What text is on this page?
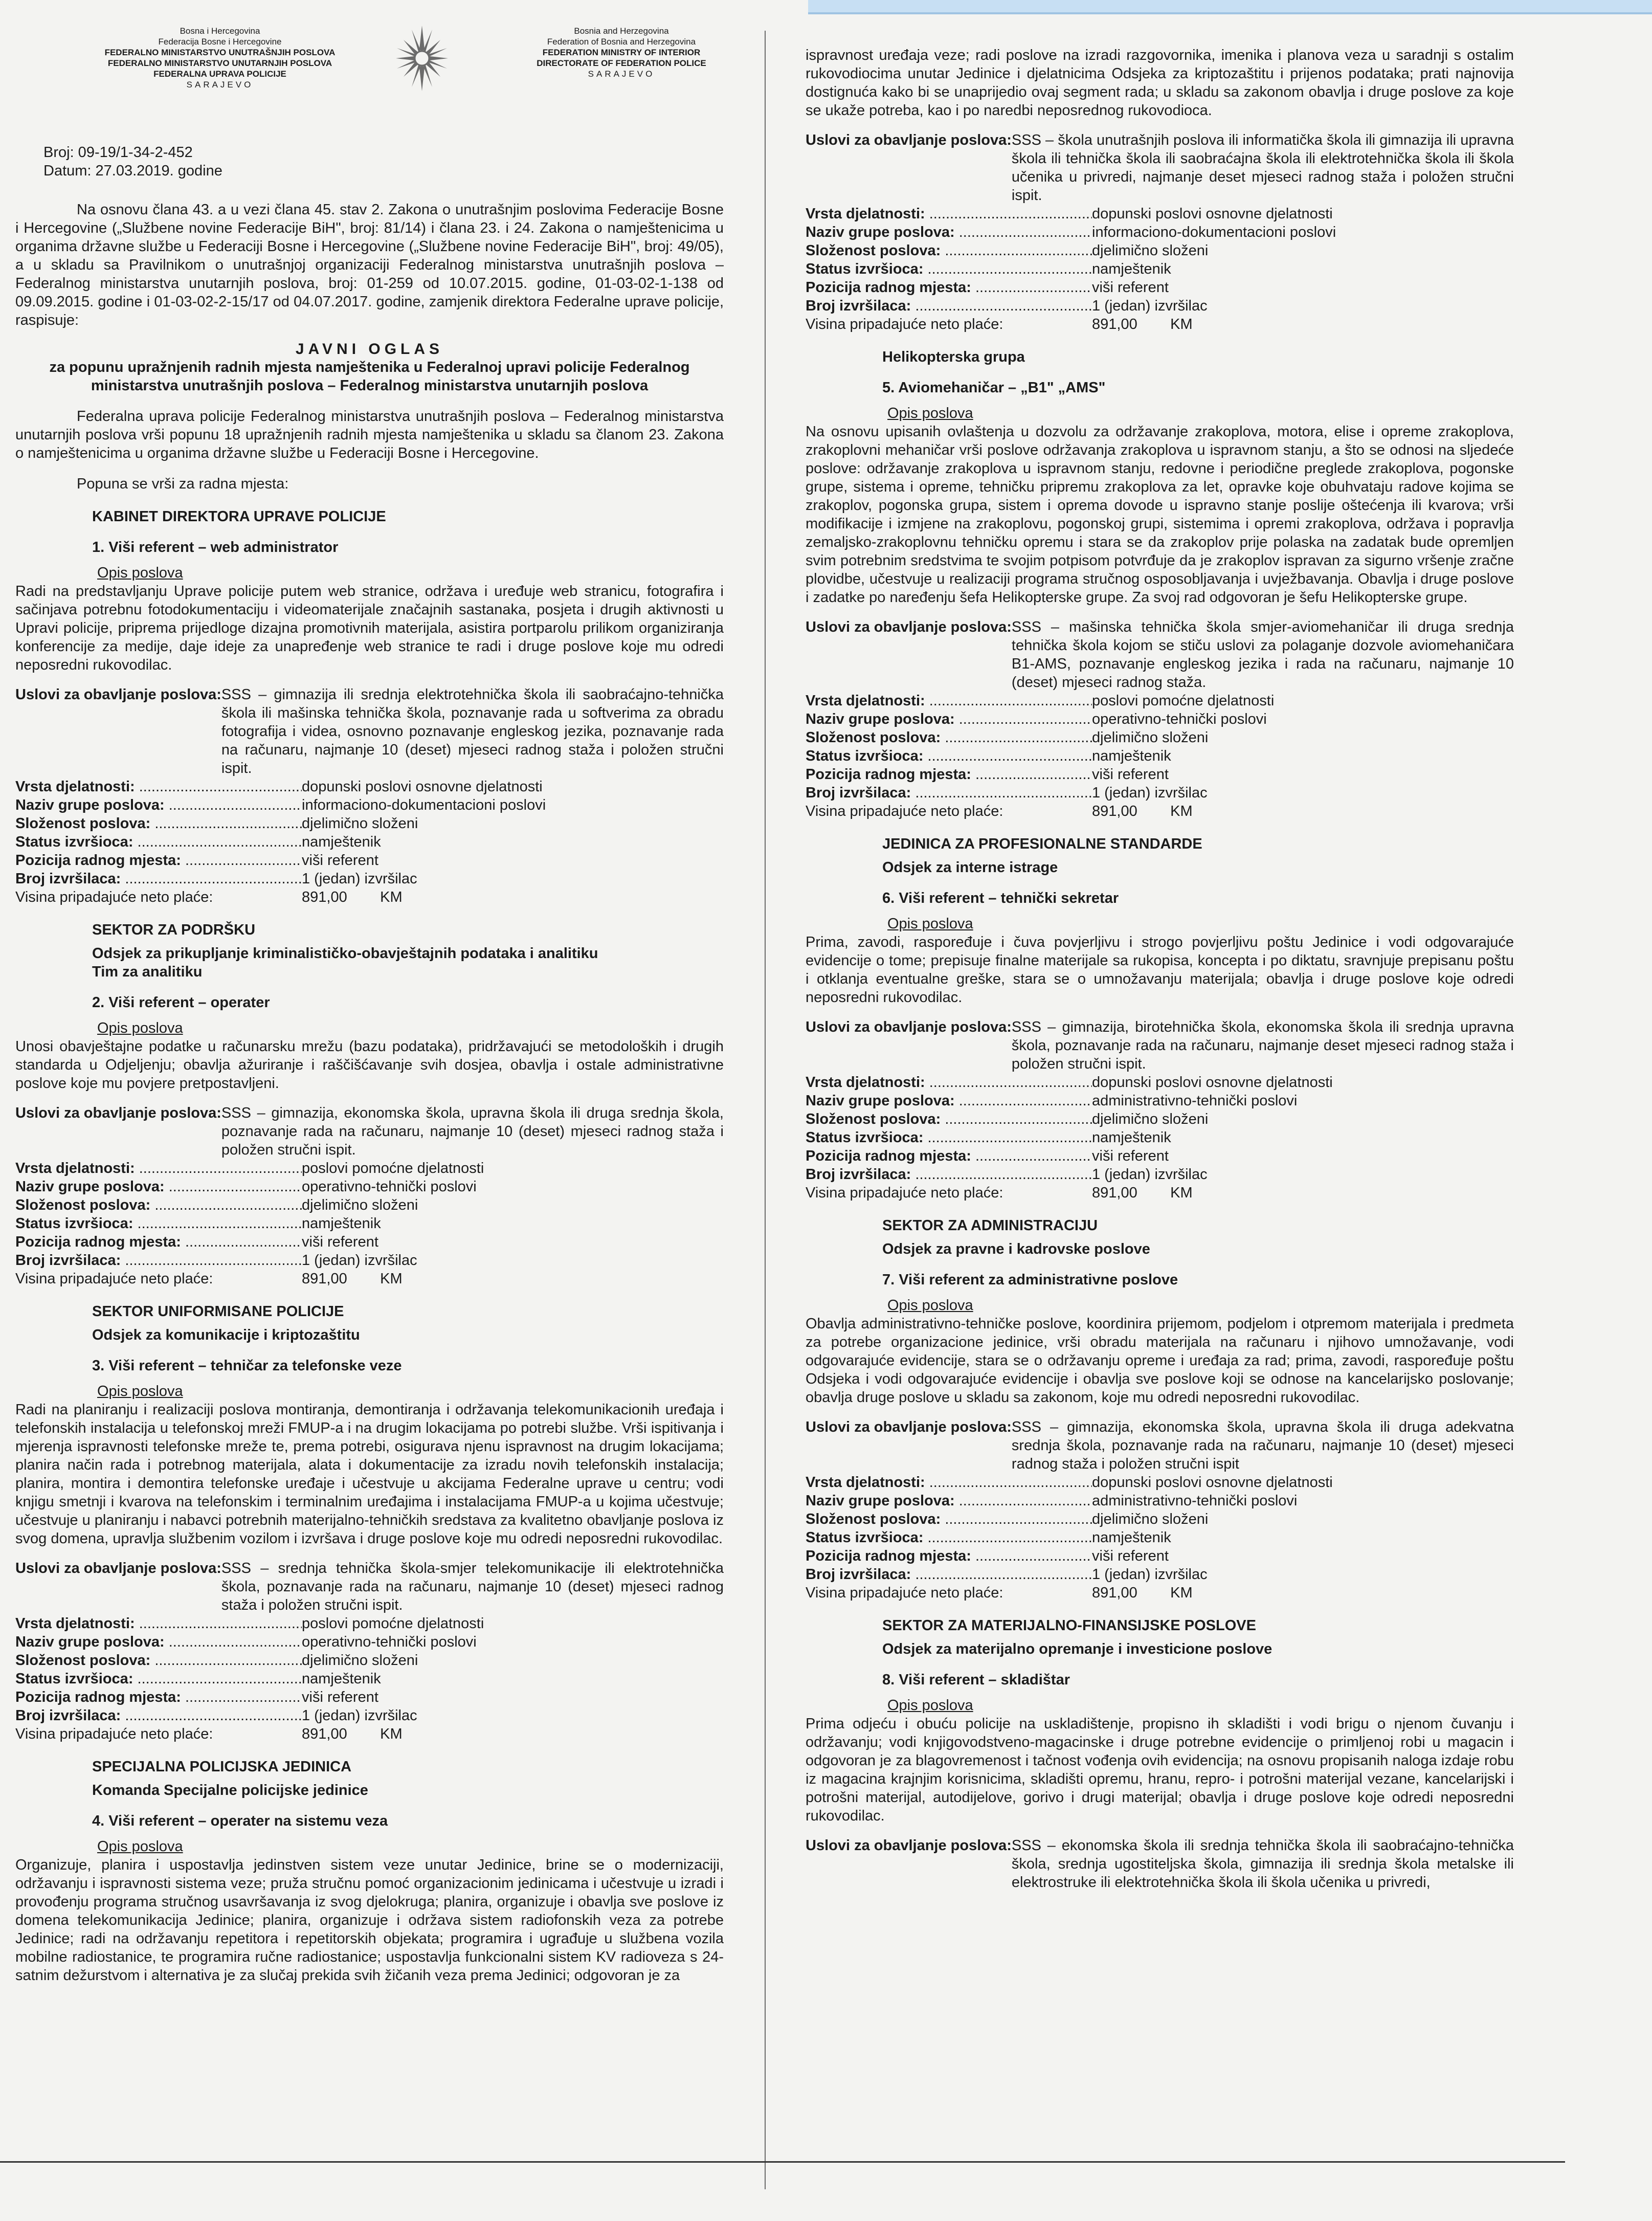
Bosna i Hercegovina
Federacija Bosne i Hercegovine
FEDERALNO MINISTARSTVO UNUTRAŠNJIH POSLOVA
FEDERALNO MINISTARSTVO UNUTARNJIH POSLOVA
FEDERALNA UPRAVA POLICIJE
SARAJEVO
Bosnia and Herzegovina
Federation of Bosnia and Herzegovina
FEDERATION MINISTRY OF INTERIOR
DIRECTORATE OF FEDERATION POLICE
SARAJEVO
Broj: 09-19/1-34-2-452
Datum: 27.03.2019. godine

Na osnovu člana 43. a u vezi člana 45. stav 2. Zakona o unutrašnjim poslovima Federacije Bosne i Hercegovine („Službene novine Federacije BiH", broj: 81/14) i člana 23. i 24. Zakona o namještenicima u organima državne službe u Federaciji Bosne i Hercegovine („Službene novine Federacije BiH", broj: 49/05), a u skladu sa Pravilnikom o unutrašnjoj organizaciji Federalnog ministarstva unutrašnjih poslova – Federalnog ministarstva unutarnjih poslova, broj: 01-259 od 10.07.2015. godine, 01-03-02-1-138 od 09.09.2015. godine i 01-03-02-2-15/17 od 04.07.2017. godine, zamjenik direktora Federalne uprave policije, raspisuje:

JAVNI OGLAS
za popunu upražnjenih radnih mjesta namještenika u Federalnoj upravi policije Federalnog ministarstva unutrašnjih poslova – Federalnog ministarstva unutarnjih poslova

Federalna uprava policije Federalnog ministarstva unutrašnjih poslova – Federalnog ministarstva unutarnjih poslova vrši popunu 18 upražnjenih radnih mjesta namještenika u skladu sa članom 23. Zakona o namještenicima u organima državne službe u Federaciji Bosne i Hercegovine.

Popuna se vrši za radna mjesta:

KABINET DIREKTORA UPRAVE POLICIJE
1. Viši referent – web administrator
Opis poslova

Radi na predstavljanju Uprave policije putem web stranice, održava i uređuje web stranicu, fotografira i sačinjava potrebnu fotodokumentaciju i videomaterijale značajnih sastanaka, posjeta i drugih aktivnosti u Upravi policije, priprema prijedloge dizajna promotivnih materijala, asistira portparolu prilikom organiziranja konferencije za medije, daje ideje za unapređenje web stranice te radi i druge poslove koje mu odredi neposredni rukovodilac.

Uslovi za obavljanje poslova: SSS – gimnazija ili srednja elektrotehnička škola ili saobraćajno-tehnička škola ili mašinska tehnička škola, poznavanje rada u softverima za obradu fotografija i videa, osnovno poznavanje engleskog jezika, poznavanje rada na računaru, najmanje 10 (deset) mjeseci radnog staža i položen stručni ispit.
Vrsta djelatnosti: .....	dopunski poslovi osnovne djelatnosti
Naziv grupe poslova: .....	informaciono-dokumentacioni poslovi
Složenost poslova: .....	djelimično složeni
Status izvršioca: .....	namještenik
Pozicija radnog mjesta: .....	viši referent
Broj izvršilaca: .....	1 (jedan) izvršilac
Visina pripadajuće neto plaće:	891,00        KM
SEKTOR ZA PODRŠKU
Odsjek za prikupljanje kriminalističko-obavještajnih podataka i analitiku
Tim za analitiku
2. Viši referent – operater
Opis poslova

Unosi obavještajne podatke u računarsku mrežu (bazu podataka), pridržavajući se metodoloških i drugih standarda u Odjeljenju; obavlja ažuriranje i raščišćavanje svih dosjea, obavlja i ostale administrativne poslove koje mu povjere pretpostavljeni.

Uslovi za obavljanje poslova: SSS – gimnazija, ekonomska škola, upravna škola ili druga srednja škola, poznavanje rada na računaru, najmanje 10 (deset) mjeseci radnog staža i položen stručni ispit.
Vrsta djelatnosti: .....	poslovi pomoćne djelatnosti
Naziv grupe poslova: .....	operativno-tehnički poslovi
Složenost poslova: .....	djelimično složeni
Status izvršioca: .....	namještenik
Pozicija radnog mjesta: .....	viši referent
Broj izvršilaca: .....	1 (jedan) izvršilac
Visina pripadajuće neto plaće:	891,00        KM
SEKTOR UNIFORMISANE POLICIJE
Odsjek za komunikacije i kriptozaštitu
3. Viši referent – tehničar za telefonske veze
Opis poslova

Radi na planiranju i realizaciji poslova montiranja, demontiranja i održavanja telekomunikacionih uređaja i telefonskih instalacija u telefonskoj mreži FMUP-a i na drugim lokacijama po potrebi službe. Vrši ispitivanja i mjerenja ispravnosti telefonske mreže te, prema potrebi, osigurava njenu ispravnost na drugim lokacijama; planira način rada i potrebnog materijala, alata i dokumentacije za izradu novih telefonskih instalacija; planira, montira i demontira telefonske uređaje i učestvuje u akcijama Federalne uprave u centru; vodi knjigu smetnji i kvarova na telefonskim i terminalnim uređajima i instalacijama FMUP-a u kojima učestvuje; učestvuje u planiranju i nabavci potrebnih materijalno-tehničkih sredstava za kvalitetno obavljanje poslova iz svog domena, upravlja službenim vozilom i izvršava i druge poslove koje mu odredi neposredni rukovodilac.

Uslovi za obavljanje poslova: SSS – srednja tehnička škola-smjer telekomunikacije ili elektrotehnička škola, poznavanje rada na računaru, najmanje 10 (deset) mjeseci radnog staža i položen stručni ispit.
Vrsta djelatnosti: .....	poslovi pomoćne djelatnosti
Naziv grupe poslova: .....	operativno-tehnički poslovi
Složenost poslova: .....	djelimično složeni
Status izvršioca: .....	namještenik
Pozicija radnog mjesta: .....	viši referent
Broj izvršilaca: .....	1 (jedan) izvršilac
Visina pripadajuće neto plaće:	891,00        KM
SPECIJALNA POLICIJSKA JEDINICA
Komanda Specijalne policijske jedinice
4. Viši referent – operater na sistemu veza
Opis poslova

Organizuje, planira i uspostavlja jedinstven sistem veze unutar Jedinice, brine se o modernizaciji, održavanju i ispravnosti sistema veze; pruža stručnu pomoć organizacionim jedinicama i učestvuje u izradi i provođenju programa stručnog usavršavanja iz svog djelokruga; planira, organizuje i obavlja sve poslove iz domena telekomunikacija Jedinice; planira, organizuje i održava sistem radiofonskih veza za potrebe Jedinice; radi na održavanju repetitora i repetitorskih objekata; programira i ugrađuje u službena vozila mobilne radiostanice, te programira ručne radiostanice; uspostavlja funkcionalni sistem KV radioveza s 24-satnim dežurstvom i alternativa je za slučaj prekida svih žičanih veza prema Jedinici; odgovoran je za

ispravnost uređaja veze; radi poslove na izradi razgovornika, imenika i planova veza u saradnji s ostalim rukovodiocima unutar Jedinice i djelatnicima Odsjeka za kriptozaštitu i prijenos podataka; prati najnovija dostignuća kako bi se unaprijedio ovaj segment rada; u skladu sa zakonom obavlja i druge poslove za koje se ukaže potreba, kao i po naredbi neposrednog rukovodioca.

Uslovi za obavljanje poslova: SSS – škola unutrašnjih poslova ili informatička škola ili gimnazija ili upravna škola ili tehnička škola ili saobraćajna škola ili elektrotehnička škola ili škola učenika u privredi, najmanje deset mjeseci radnog staža i položen stručni ispit.
Vrsta djelatnosti: .....	dopunski poslovi osnovne djelatnosti
Naziv grupe poslova: .....	informaciono-dokumentacioni poslovi
Složenost poslova: .....	djelimično složeni
Status izvršioca: .....	namještenik
Pozicija radnog mjesta: .....	viši referent
Broj izvršilaca: .....	1 (jedan) izvršilac
Visina pripadajuće neto plaće:	891,00        KM
Helikopterska grupa
5. Aviomehaničar – „B1" „AMS"
Opis poslova

Na osnovu upisanih ovlaštenja u dozvolu za održavanje zrakoplova, motora, elise i opreme zrakoplova, zrakoplovni mehaničar vrši poslove održavanja zrakoplova u ispravnom stanju, a što se odnosi na sljedeće poslove: održavanje zrakoplova u ispravnom stanju, redovne i periodične preglede zrakoplova, pogonske grupe, sistema i opreme, tehničku pripremu zrakoplova za let, opravke koje obuhvataju radove kojima se zrakoplov, pogonska grupa, sistem i oprema dovode u ispravno stanje poslije oštećenja ili kvarova; vrši modifikacije i izmjene na zrakoplovu, pogonskoj grupi, sistemima i opremi zrakoplova, održava i popravlja zemaljsko-zrakoplovnu tehničku opremu i stara se da zrakoplov prije polaska na zadatak bude opremljen svim potrebnim sredstvima te svojim potpisom potvrđuje da je zrakoplov ispravan za sigurno vršenje zračne plovidbe, učestvuje u realizaciji programa stručnog osposobljavanja i uvježbavanja. Obavlja i druge poslove i zadatke po naređenju šefa Helikopterske grupe. Za svoj rad odgovoran je šefu Helikopterske grupe.

Uslovi za obavljanje poslova: SSS – mašinska tehnička škola smjer-aviomehaničar ili druga srednja tehnička škola kojom se stiču uslovi za polaganje dozvole aviomehaničara B1-AMS, poznavanje engleskog jezika i rada na računaru, najmanje 10 (deset) mjeseci radnog staža.
Vrsta djelatnosti: .....	poslovi pomoćne djelatnosti
Naziv grupe poslova: .....	operativno-tehnički poslovi
Složenost poslova: .....	djelimično složeni
Status izvršioca: .....	namještenik
Pozicija radnog mjesta: .....	viši referent
Broj izvršilaca: .....	1 (jedan) izvršilac
Visina pripadajuće neto plaće:	891,00        KM
JEDINICA ZA PROFESIONALNE STANDARDE
Odsjek za interne istrage
6. Viši referent – tehnički sekretar
Opis poslova

Prima, zavodi, raspoređuje i čuva povjerljivu i strogo povjerljivu poštu Jedinice i vodi odgovarajuće evidencije o tome; prepisuje finalne materijale sa rukopisa, koncepta i po diktatu, sravnjuje prepisanu poštu i otklanja eventualne greške, stara se o umnožavanju materijala; obavlja i druge poslove koje odredi neposredni rukovodilac.

Uslovi za obavljanje poslova: SSS – gimnazija, birotehnička škola, ekonomska škola ili srednja upravna škola, poznavanje rada na računaru, najmanje deset mjeseci radnog staža i položen stručni ispit.
Vrsta djelatnosti: .....	dopunski poslovi osnovne djelatnosti
Naziv grupe poslova: .....	administrativno-tehnički poslovi
Složenost poslova: .....	djelimično složeni
Status izvršioca: .....	namještenik
Pozicija radnog mjesta: .....	viši referent
Broj izvršilaca: .....	1 (jedan) izvršilac
Visina pripadajuće neto plaće:	891,00        KM
SEKTOR ZA ADMINISTRACIJU
Odsjek za pravne i kadrovske poslove
7. Viši referent za administrativne poslove
Opis poslova

Obavlja administrativno-tehničke poslove, koordinira prijemom, podjelom i otpremom materijala i predmeta za potrebe organizacione jedinice, vrši obradu materijala na računaru i njihovo umnožavanje, vodi odgovarajuće evidencije, stara se o održavanju opreme i uređaja za rad; prima, zavodi, raspoređuje poštu Odsjeka i vodi odgovarajuće evidencije i obavlja sve poslove koji se odnose na kancelarijsko poslovanje; obavlja druge poslove u skladu sa zakonom, koje mu odredi neposredni rukovodilac.

Uslovi za obavljanje poslova: SSS – gimnazija, ekonomska škola, upravna škola ili druga adekvatna srednja škola, poznavanje rada na računaru, najmanje 10 (deset) mjeseci radnog staža i položen stručni ispit
Vrsta djelatnosti: .....	dopunski poslovi osnovne djelatnosti
Naziv grupe poslova: .....	administrativno-tehnički poslovi
Složenost poslova: .....	djelimično složeni
Status izvršioca: .....	namještenik
Pozicija radnog mjesta: .....	viši referent
Broj izvršilaca: .....	1 (jedan) izvršilac
Visina pripadajuće neto plaće:	891,00        KM
SEKTOR ZA MATERIJALNO-FINANSIJSKE POSLOVE
Odsjek za materijalno opremanje i investicione poslove
8. Viši referent – skladištar
Opis poslova

Prima odjeću i obuću policije na uskladištenje, propisno ih skladišti i vodi brigu o njenom čuvanju i održavanju; vodi knjigovodstveno-magacinske i druge potrebne evidencije o primljenoj robi u magacin i odgovoran je za blagovremenost i tačnost vođenja ovih evidencija; na osnovu propisanih naloga izdaje robu iz magacina krajnjim korisnicima, skladišti opremu, hranu, repro- i potrošni materijal vezane, kancelarijski i potrošni materijal, autodijelove, gorivo i drugi materijal; obavlja i druge poslove koje odredi neposredni rukovodilac.

Uslovi za obavljanje poslova: SSS – ekonomska škola ili srednja tehnička škola ili saobraćajno-tehnička škola, srednja ugostiteljska škola, gimnazija ili srednja škola metalske ili elektrostruke ili elektrotehnička škola ili škola učenika u privredi,
